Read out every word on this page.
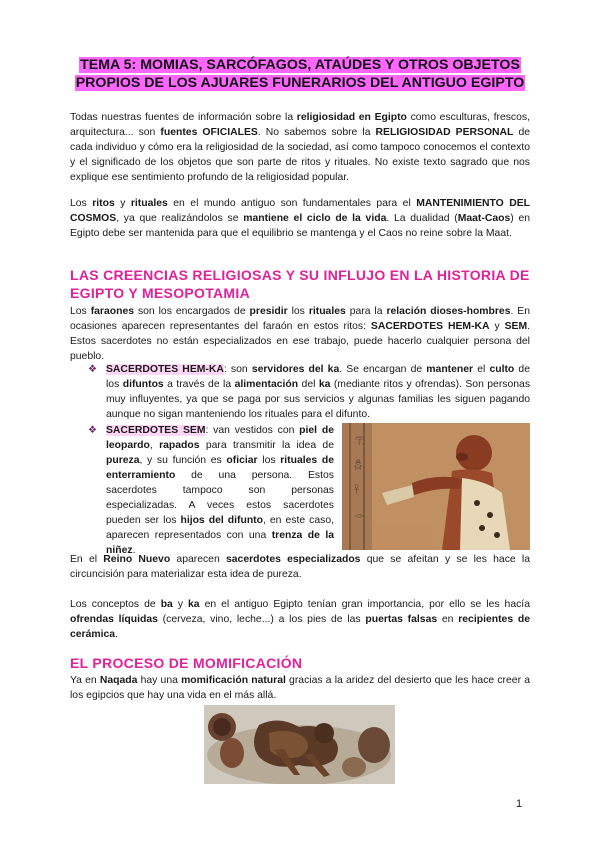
TEMA 5: MOMIAS, SARCÓFAGOS, ATAÚDES Y OTROS OBJETOS
PROPIOS DE LOS AJUARES FUNERARIOS DEL ANTIGUO EGIPTO

Todas nuestras fuentes de información sobre la religiosidad en Egipto como esculturas, frescos, arquitectura... son fuentes OFICIALES. No sabemos sobre la RELIGIOSIDAD PERSONAL de cada individuo y cómo era la religiosidad de la sociedad, así como tampoco conocemos el contexto y el significado de los objetos que son parte de ritos y rituales. No existe texto sagrado que nos explique ese sentimiento profundo de la religiosidad popular.

Los ritos y rituales en el mundo antiguo son fundamentales para el MANTENIMIENTO DEL COSMOS, ya que realizándolos se mantiene el ciclo de la vida. La dualidad (Maat-Caos) en Egipto debe ser mantenida para que el equilibrio se mantenga y el Caos no reine sobre la Maat.

LAS CREENCIAS RELIGIOSAS Y SU INFLUJO EN LA HISTORIA DE
EGIPTO Y MESOPOTAMIA

Los faraones son los encargados de presidir los rituales para la relación dioses-hombres. En ocasiones aparecen representantes del faraón en estos ritos: SACERDOTES HEM-KA y SEM. Estos sacerdotes no están especializados en ese trabajo, puede hacerlo cualquier persona del pueblo.

❖ SACERDOTES HEM-KA: son servidores del ka. Se encargan de mantener el culto de los difuntos a través de la alimentación del ka (mediante ritos y ofrendas). Son personas muy influyentes, ya que se paga por sus servicios y algunas familias les siguen pagando aunque no sigan manteniendo los rituales para el difunto.

❖ SACERDOTES SEM: van vestidos con piel de leopardo, rapados para transmitir la idea de pureza, y su función es oficiar los rituales de enterramiento de una persona. Estos sacerdotes tampoco son personas especializadas. A veces estos sacerdotes pueden ser los hijos del difunto, en este caso, aparecen representados con una trenza de la niñez.

𓂀
𓆣
𓋹
𓁹

En el Reino Nuevo aparecen sacerdotes especializados que se afeitan y se les hace la circuncisión para materializar esta idea de pureza.

Los conceptos de ba y ka en el antiguo Egipto tenían gran importancia, por ello se les hacía ofrendas líquidas (cerveza, vino, leche...) a los pies de las puertas falsas en recipientes de cerámica.

EL PROCESO DE MOMIFICACIÓN

Ya en Naqada hay una momificación natural gracias a la aridez del desierto que les hace creer a los egipcios que hay una vida en el más allá.

1
